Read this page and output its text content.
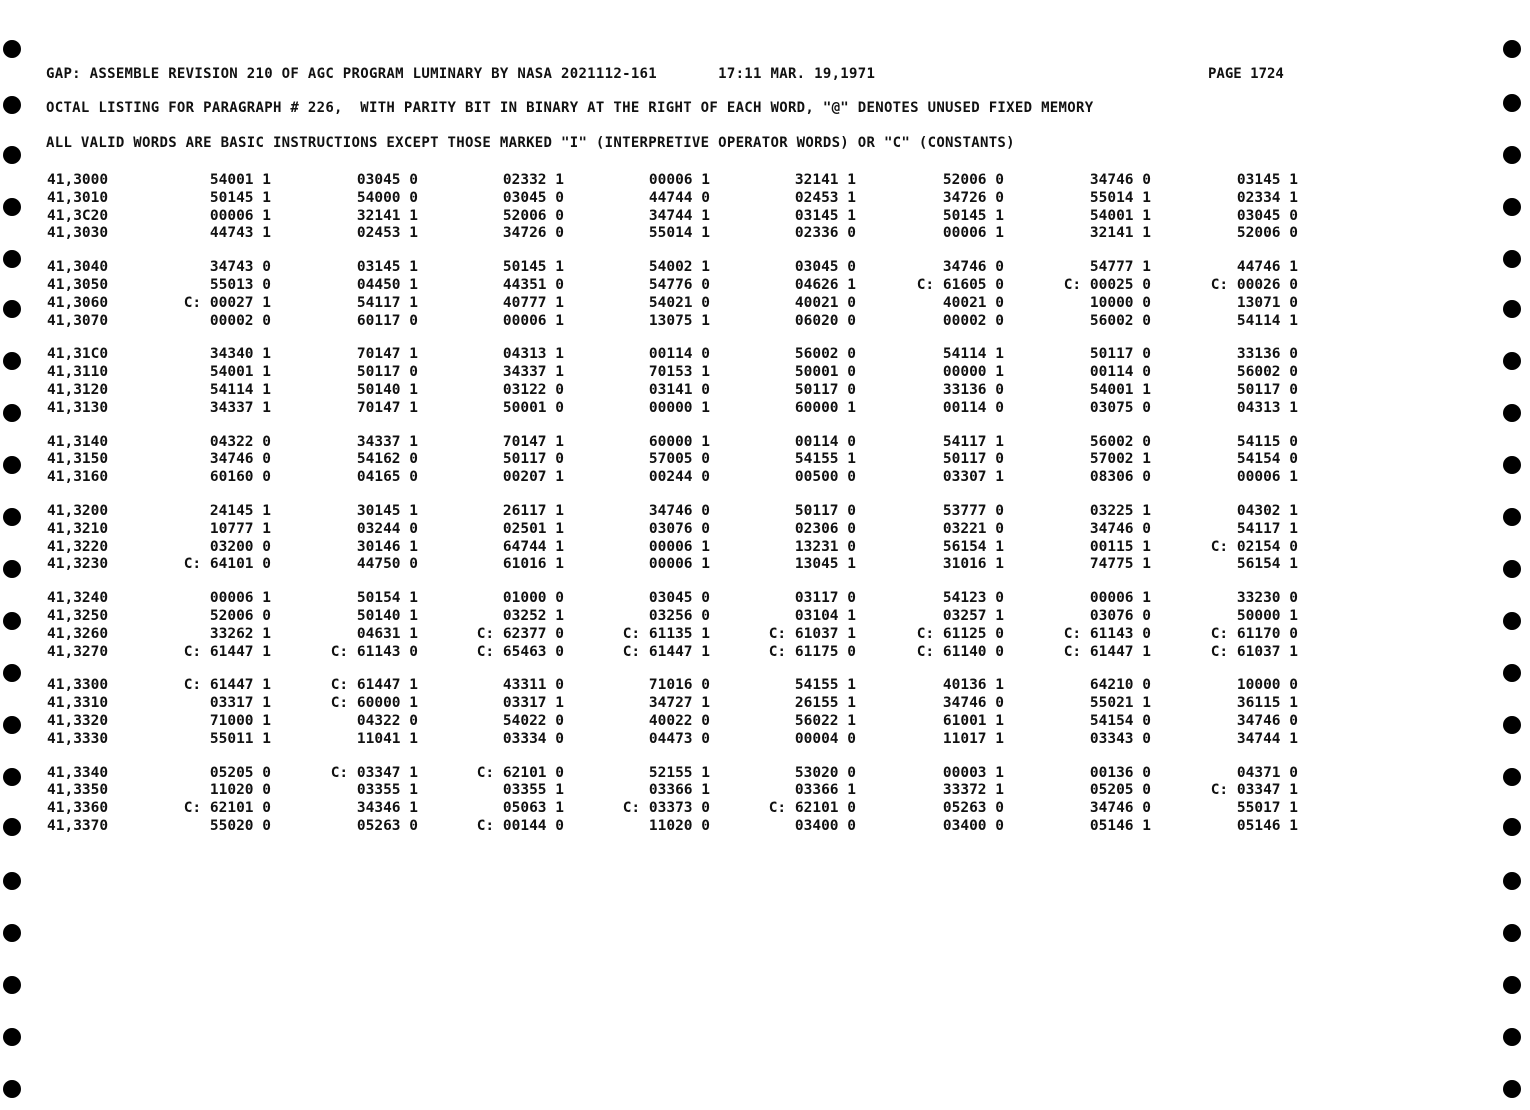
GAP: ASSEMBLE REVISION 210 OF AGC PROGRAM LUMINARY BY NASA 2021112-161       17:11 MAR. 19,1971	PAGE 1724
OCTAL LISTING FOR PARAGRAPH # 226,  WITH PARITY BIT IN BINARY AT THE RIGHT OF EACH WORD, "@" DENOTES UNUSED FIXED MEMORY
ALL VALID WORDS ARE BASIC INSTRUCTIONS EXCEPT THOSE MARKED "I" (INTERPRETIVE OPERATOR WORDS) OR "C" (CONSTANTS)
41,3000	54001 1	03045 0	02332 1	00006 1	32141 1	52006 0	34746 0	03145 1
41,3010	50145 1	54000 0	03045 0	44744 0	02453 1	34726 0	55014 1	02334 1
41,3C20	00006 1	32141 1	52006 0	34744 1	03145 1	50145 1	54001 1	03045 0
41,3030	44743 1	02453 1	34726 0	55014 1	02336 0	00006 1	32141 1	52006 0
41,3040	34743 0	03145 1	50145 1	54002 1	03045 0	34746 0	54777 1	44746 1
41,3050	55013 0	04450 1	44351 0	54776 0	04626 1	C: 61605 0	C: 00025 0	C: 00026 0
41,3060	C: 00027 1	54117 1	40777 1	54021 0	40021 0	40021 0	10000 0	13071 0
41,3070	00002 0	60117 0	00006 1	13075 1	06020 0	00002 0	56002 0	54114 1
41,31C0	34340 1	70147 1	04313 1	00114 0	56002 0	54114 1	50117 0	33136 0
41,3110	54001 1	50117 0	34337 1	70153 1	50001 0	00000 1	00114 0	56002 0
41,3120	54114 1	50140 1	03122 0	03141 0	50117 0	33136 0	54001 1	50117 0
41,3130	34337 1	70147 1	50001 0	00000 1	60000 1	00114 0	03075 0	04313 1
41,3140	04322 0	34337 1	70147 1	60000 1	00114 0	54117 1	56002 0	54115 0
41,3150	34746 0	54162 0	50117 0	57005 0	54155 1	50117 0	57002 1	54154 0
41,3160	60160 0	04165 0	00207 1	00244 0	00500 0	03307 1	08306 0	00006 1
41,3200	24145 1	30145 1	26117 1	34746 0	50117 0	53777 0	03225 1	04302 1
41,3210	10777 1	03244 0	02501 1	03076 0	02306 0	03221 0	34746 0	54117 1
41,3220	03200 0	30146 1	64744 1	00006 1	13231 0	56154 1	00115 1	C: 02154 0
41,3230	C: 64101 0	44750 0	61016 1	00006 1	13045 1	31016 1	74775 1	56154 1
41,3240	00006 1	50154 1	01000 0	03045 0	03117 0	54123 0	00006 1	33230 0
41,3250	52006 0	50140 1	03252 1	03256 0	03104 1	03257 1	03076 0	50000 1
41,3260	33262 1	04631 1	C: 62377 0	C: 61135 1	C: 61037 1	C: 61125 0	C: 61143 0	C: 61170 0
41,3270	C: 61447 1	C: 61143 0	C: 65463 0	C: 61447 1	C: 61175 0	C: 61140 0	C: 61447 1	C: 61037 1
41,3300	C: 61447 1	C: 61447 1	43311 0	71016 0	54155 1	40136 1	64210 0	10000 0
41,3310	03317 1	C: 60000 1	03317 1	34727 1	26155 1	34746 0	55021 1	36115 1
41,3320	71000 1	04322 0	54022 0	40022 0	56022 1	61001 1	54154 0	34746 0
41,3330	55011 1	11041 1	03334 0	04473 0	00004 0	11017 1	03343 0	34744 1
41,3340	05205 0	C: 03347 1	C: 62101 0	52155 1	53020 0	00003 1	00136 0	04371 0
41,3350	11020 0	03355 1	03355 1	03366 1	03366 1	33372 1	05205 0	C: 03347 1
41,3360	C: 62101 0	34346 1	05063 1	C: 03373 0	C: 62101 0	05263 0	34746 0	55017 1
41,3370	55020 0	05263 0	C: 00144 0	11020 0	03400 0	03400 0	05146 1	05146 1
